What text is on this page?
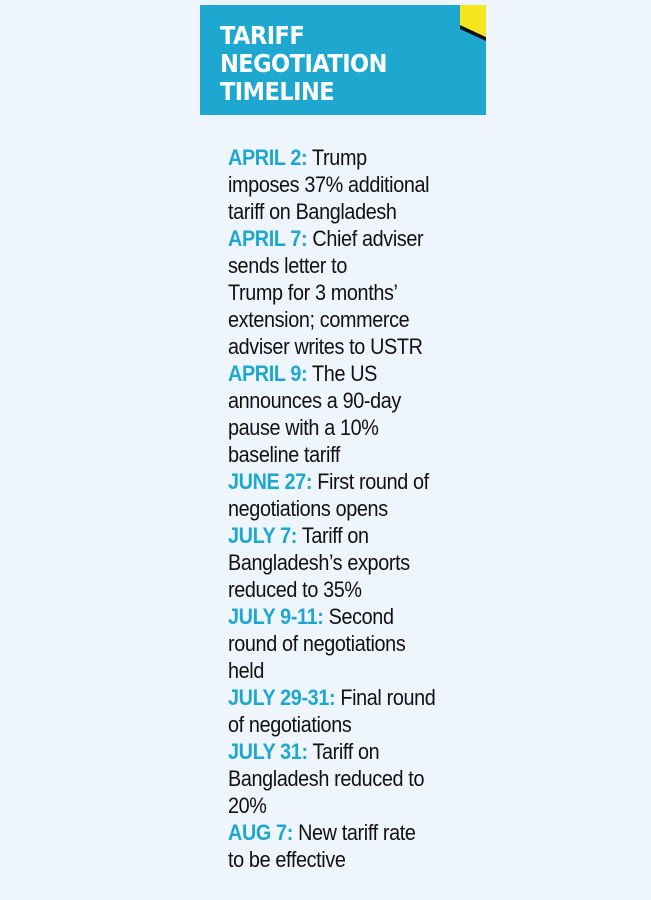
TARIFF
NEGOTIATION
TIMELINE
APRIL 2: Trump
imposes 37% additional
tariff on Bangladesh
APRIL 7: Chief adviser
sends letter to
Trump for 3 months’
extension; commerce
adviser writes to USTR
APRIL 9: The US
announces a 90-day
pause with a 10%
baseline tariff
JUNE 27: First round of
negotiations opens
JULY 7: Tariff on
Bangladesh’s exports
reduced to 35%
JULY 9-11: Second
round of negotiations
held
JULY 29-31: Final round
of negotiations
JULY 31: Tariff on
Bangladesh reduced to
20%
AUG 7: New tariff rate
to be effective
